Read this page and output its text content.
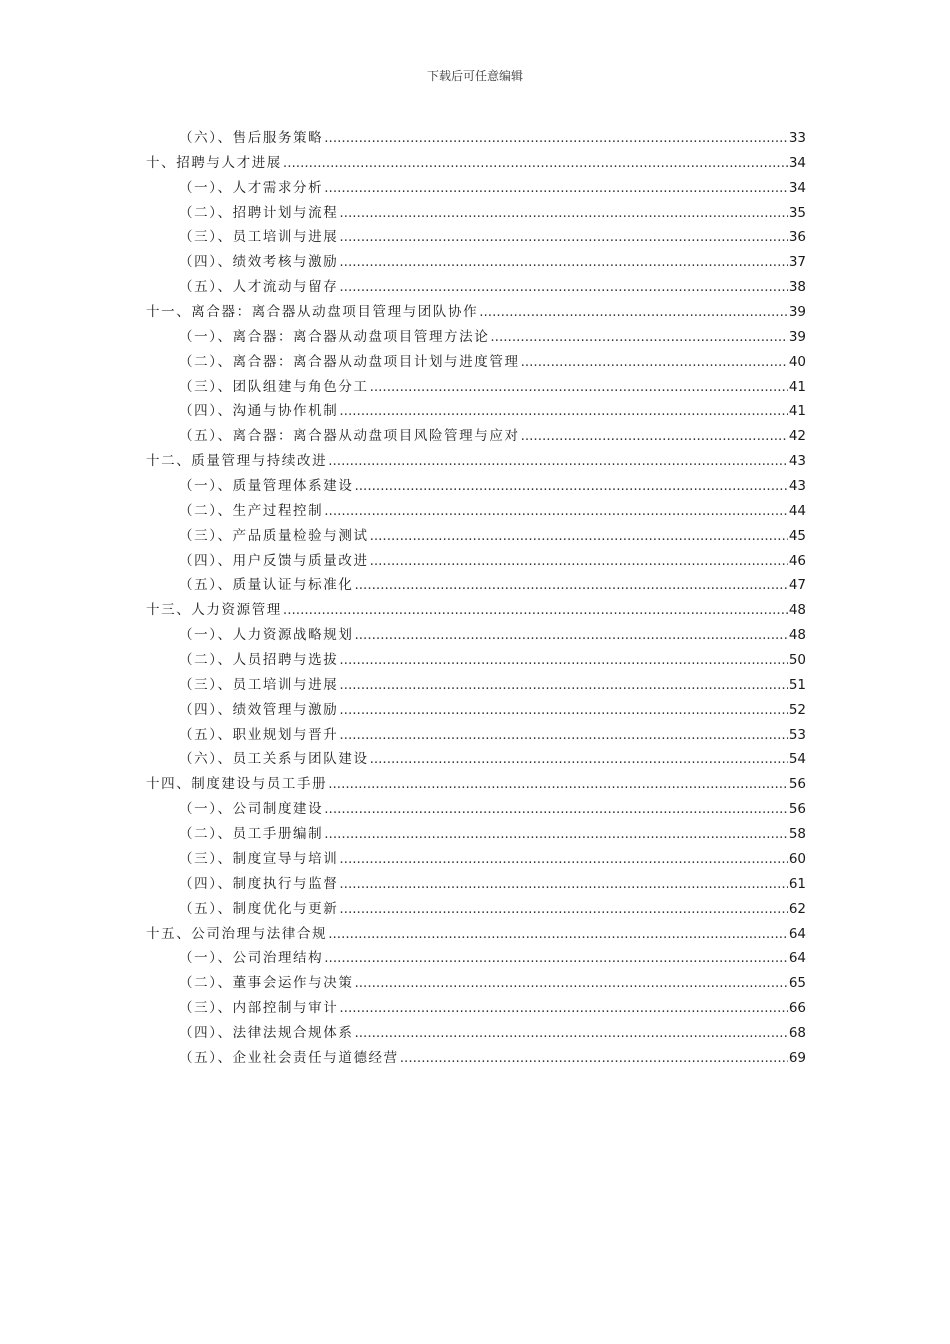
下载后可任意编辑
（六）、售后服务策略 .....	33
十、招聘与人才进展 .....	34
（一）、人才需求分析 .....	34
（二）、招聘计划与流程 .....	35
（三）、员工培训与进展 .....	36
（四）、绩效考核与激励 .....	37
（五）、人才流动与留存 .....	38
十一、离合器：离合器从动盘项目管理与团队协作 .....	39
（一）、离合器：离合器从动盘项目管理方法论 .....	39
（二）、离合器：离合器从动盘项目计划与进度管理 .....	40
（三）、团队组建与角色分工 .....	41
（四）、沟通与协作机制 .....	41
（五）、离合器：离合器从动盘项目风险管理与应对 .....	42
十二、质量管理与持续改进 .....	43
（一）、质量管理体系建设 .....	43
（二）、生产过程控制 .....	44
（三）、产品质量检验与测试 .....	45
（四）、用户反馈与质量改进 .....	46
（五）、质量认证与标准化 .....	47
十三、人力资源管理 .....	48
（一）、人力资源战略规划 .....	48
（二）、人员招聘与选拔 .....	50
（三）、员工培训与进展 .....	51
（四）、绩效管理与激励 .....	52
（五）、职业规划与晋升 .....	53
（六）、员工关系与团队建设 .....	54
十四、制度建设与员工手册 .....	56
（一）、公司制度建设 .....	56
（二）、员工手册编制 .....	58
（三）、制度宣导与培训 .....	60
（四）、制度执行与监督 .....	61
（五）、制度优化与更新 .....	62
十五、公司治理与法律合规 .....	64
（一）、公司治理结构 .....	64
（二）、董事会运作与决策 .....	65
（三）、内部控制与审计 .....	66
（四）、法律法规合规体系 .....	68
（五）、企业社会责任与道德经营 .....	69
